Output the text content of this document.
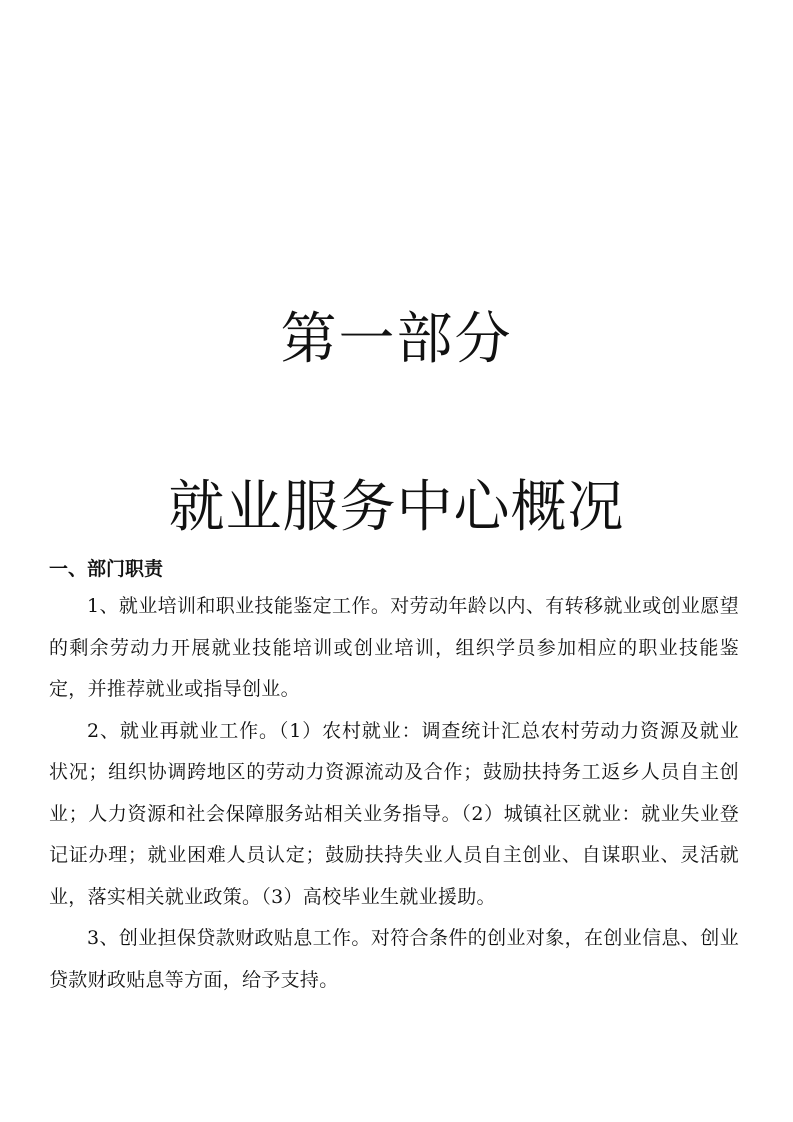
第一部分
就业服务中心概况
一、部门职责

1、就业培训和职业技能鉴定工作。对劳动年龄以内、有转移就业或创业愿望的剩余劳动力开展就业技能培训或创业培训，组织学员参加相应的职业技能鉴定，并推荐就业或指导创业。

2、就业再就业工作。（1）农村就业：调查统计汇总农村劳动力资源及就业状况；组织协调跨地区的劳动力资源流动及合作；鼓励扶持务工返乡人员自主创业；人力资源和社会保障服务站相关业务指导。（2）城镇社区就业：就业失业登记证办理；就业困难人员认定；鼓励扶持失业人员自主创业、自谋职业、灵活就业，落实相关就业政策。（3）高校毕业生就业援助。

3、创业担保贷款财政贴息工作。对符合条件的创业对象，在创业信息、创业贷款财政贴息等方面，给予支持。
